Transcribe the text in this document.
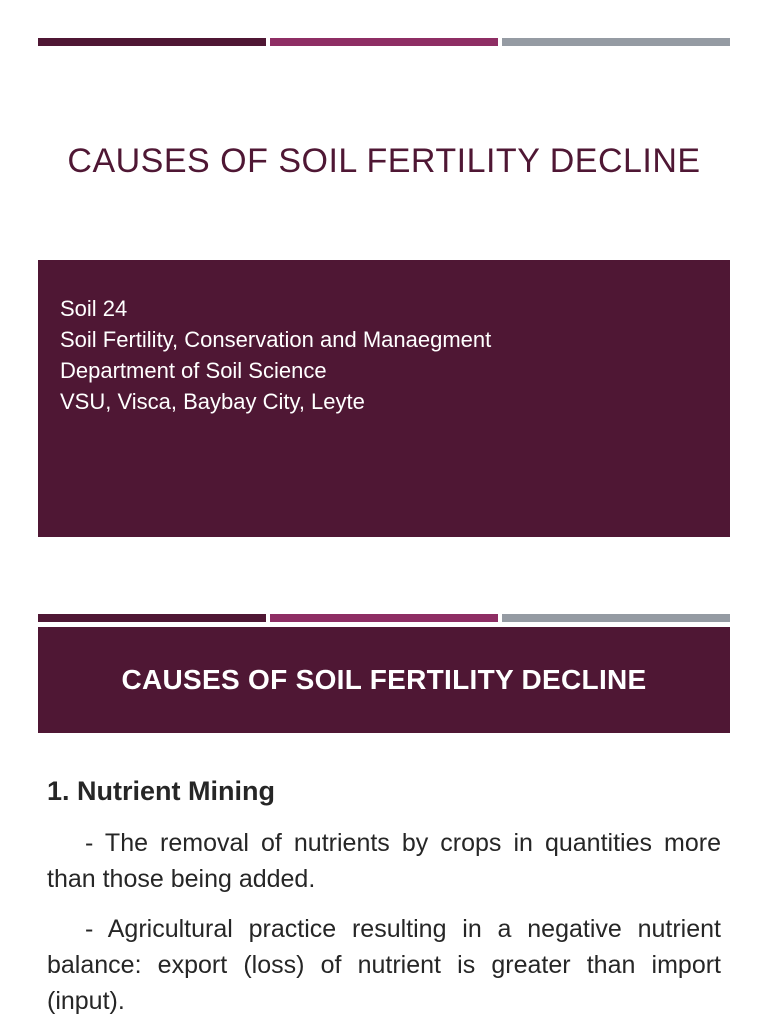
CAUSES OF SOIL FERTILITY DECLINE
Soil 24
Soil Fertility, Conservation and Manaegment
Department of Soil Science
VSU, Visca, Baybay City, Leyte
CAUSES OF SOIL FERTILITY DECLINE
1. Nutrient Mining
- The removal of nutrients by crops in quantities more than those being added.
- Agricultural practice resulting in a negative nutrient balance: export (loss) of nutrient is greater than import (input).
